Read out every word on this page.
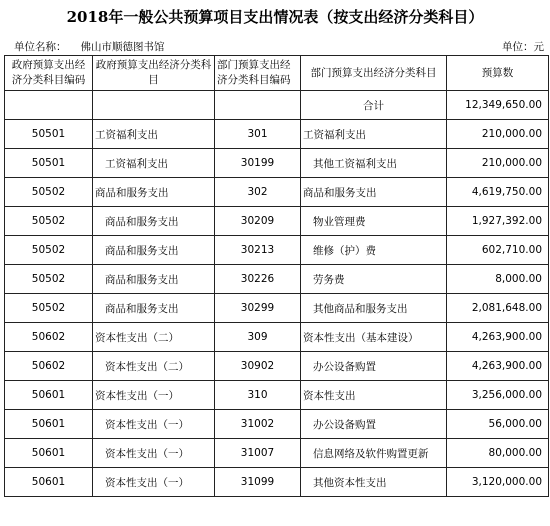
2018年一般公共预算项目支出情况表（按支出经济分类科目）
单位名称： 佛山市顺德图书馆	单位：元
政府预算支出经济分类科目编码	政府预算支出经济分类科目	部门预算支出经济分类科目编码	部门预算支出经济分类科目	预算数
			合计	12,349,650.00
50501	工资福利支出	301	工资福利支出	210,000.00
50501	工资福利支出	30199	其他工资福利支出	210,000.00
50502	商品和服务支出	302	商品和服务支出	4,619,750.00
50502	商品和服务支出	30209	物业管理费	1,927,392.00
50502	商品和服务支出	30213	维修（护）费	602,710.00
50502	商品和服务支出	30226	劳务费	8,000.00
50502	商品和服务支出	30299	其他商品和服务支出	2,081,648.00
50602	资本性支出（二）	309	资本性支出（基本建设）	4,263,900.00
50602	资本性支出（二）	30902	办公设备购置	4,263,900.00
50601	资本性支出（一）	310	资本性支出	3,256,000.00
50601	资本性支出（一）	31002	办公设备购置	56,000.00
50601	资本性支出（一）	31007	信息网络及软件购置更新	80,000.00
50601	资本性支出（一）	31099	其他资本性支出	3,120,000.00
